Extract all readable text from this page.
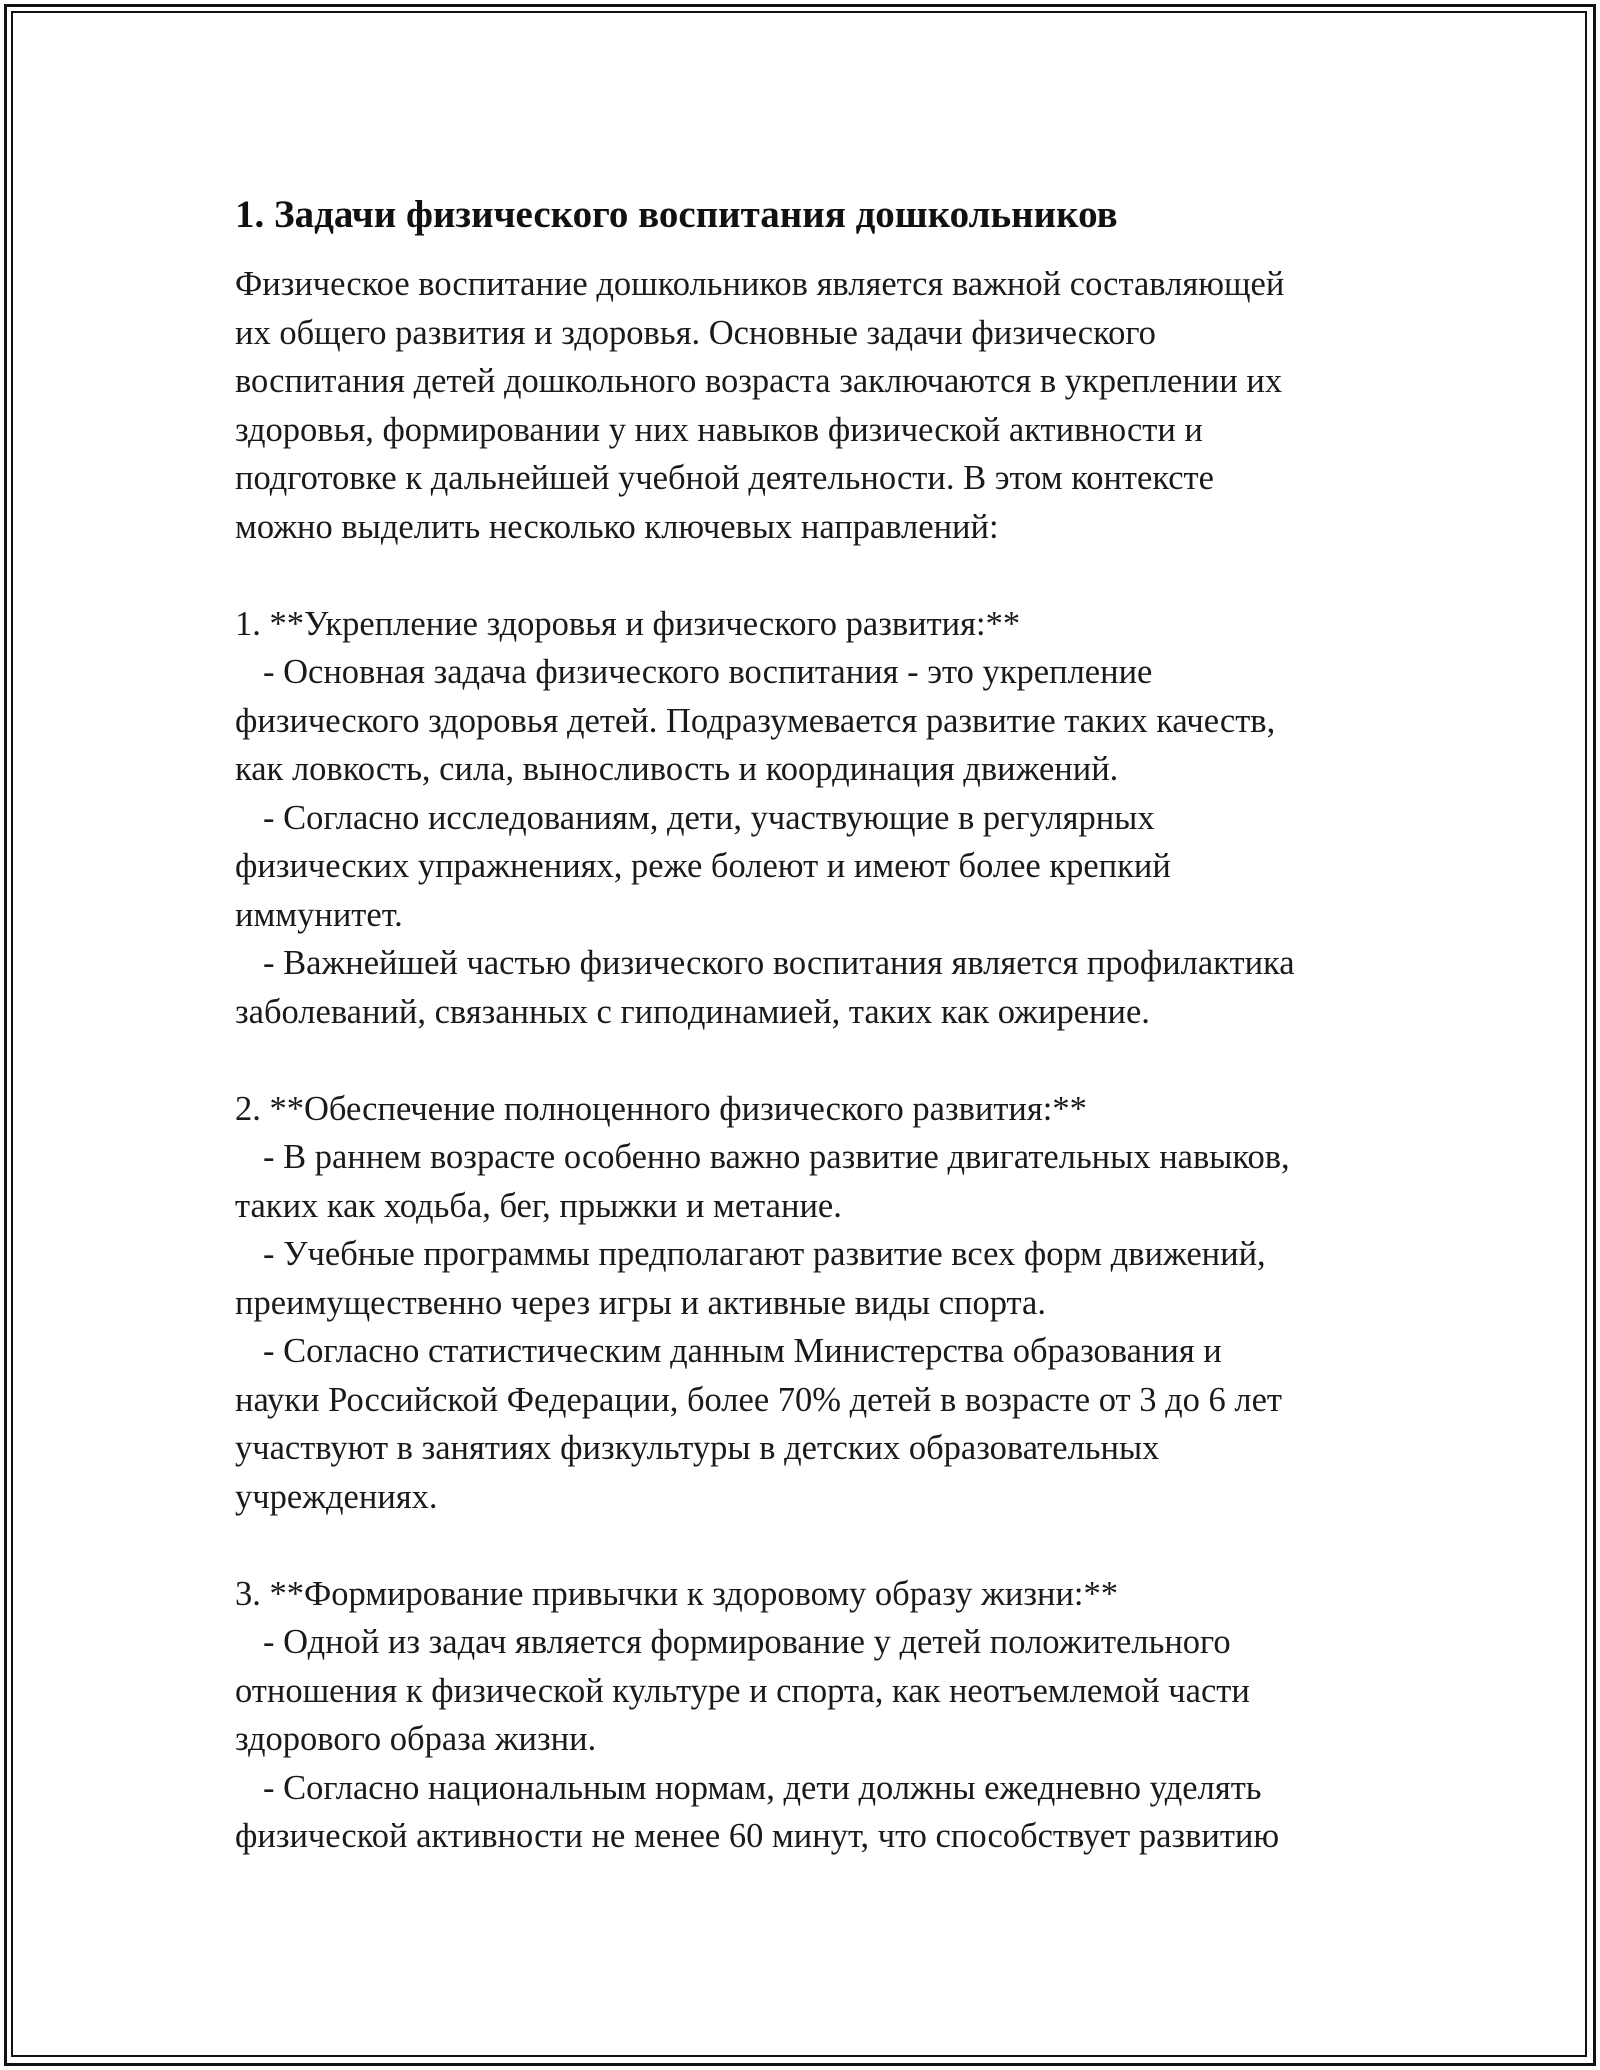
1. Задачи физического воспитания дошкольников
Физическое воспитание дошкольников является важной составляющей
их общего развития и здоровья. Основные задачи физического
воспитания детей дошкольного возраста заключаются в укреплении их
здоровья, формировании у них навыков физической активности и
подготовке к дальнейшей учебной деятельности. В этом контексте
можно выделить несколько ключевых направлений:
1. **Укрепление здоровья и физического развития:**
- Основная задача физического воспитания - это укрепление
физического здоровья детей. Подразумевается развитие таких качеств,
как ловкость, сила, выносливость и координация движений.
- Согласно исследованиям, дети, участвующие в регулярных
физических упражнениях, реже болеют и имеют более крепкий
иммунитет.
- Важнейшей частью физического воспитания является профилактика
заболеваний, связанных с гиподинамией, таких как ожирение.
2. **Обеспечение полноценного физического развития:**
- В раннем возрасте особенно важно развитие двигательных навыков,
таких как ходьба, бег, прыжки и метание.
- Учебные программы предполагают развитие всех форм движений,
преимущественно через игры и активные виды спорта.
- Согласно статистическим данным Министерства образования и
науки Российской Федерации, более 70% детей в возрасте от 3 до 6 лет
участвуют в занятиях физкультуры в детских образовательных
учреждениях.
3. **Формирование привычки к здоровому образу жизни:**
- Одной из задач является формирование у детей положительного
отношения к физической культуре и спорта, как неотъемлемой части
здорового образа жизни.
- Согласно национальным нормам, дети должны ежедневно уделять
физической активности не менее 60 минут, что способствует развитию
